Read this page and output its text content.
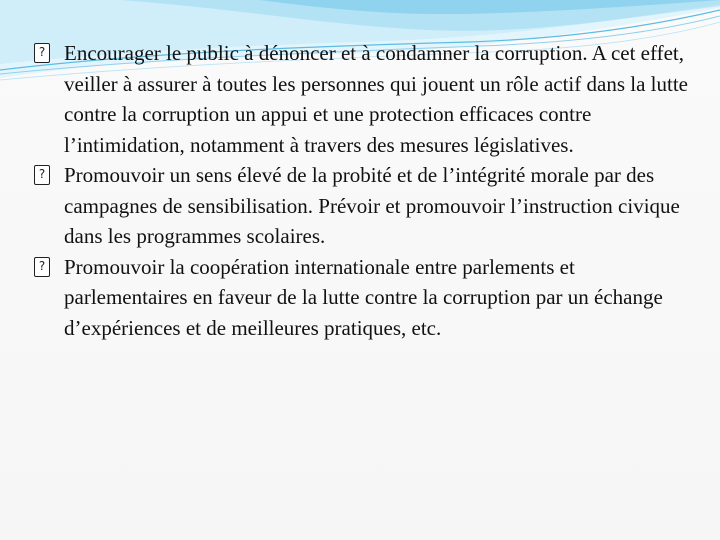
? Encourager le public à dénoncer et à condamner la corruption. A cet effet, veiller à assurer à toutes les personnes qui jouent un rôle actif dans la lutte contre la corruption un appui et une protection efficaces contre l’intimidation, notamment à travers des mesures législatives.

? Promouvoir un sens élevé de la probité et de l’intégrité morale par des campagnes de sensibilisation. Prévoir et promouvoir l’instruction civique dans les programmes scolaires.

? Promouvoir la coopération internationale entre parlements et parlementaires en faveur de la lutte contre la corruption par un échange d’expériences et de meilleures pratiques, etc.
